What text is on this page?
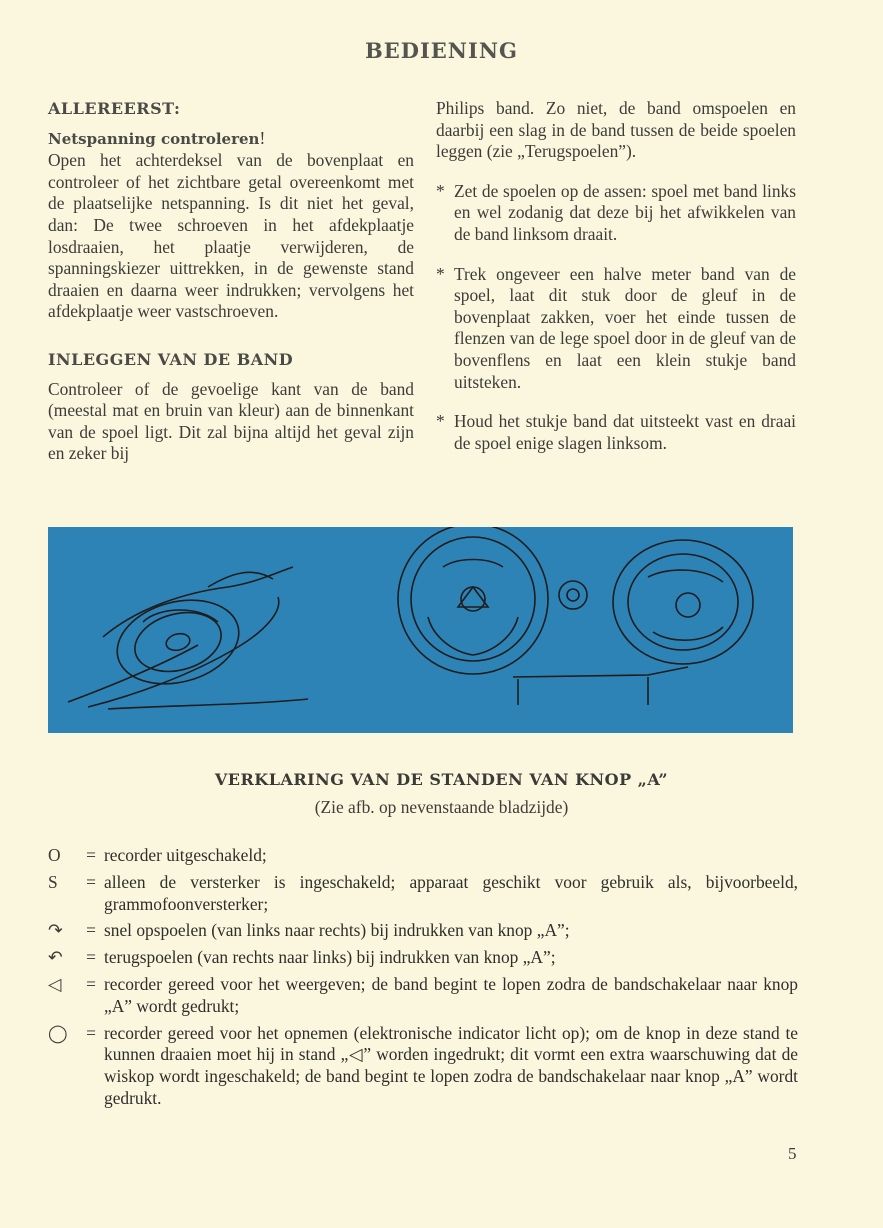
BEDIENING
ALLEREERST:
Netspanning controleren!

Open het achterdeksel van de bovenplaat en controleer of het zichtbare getal overeenkomt met de plaatselijke netspanning. Is dit niet het geval, dan: De twee schroeven in het afdekplaatje losdraaien, het plaatje verwijderen, de spanningskiezer uittrekken, in de gewenste stand draaien en daarna weer indrukken; vervolgens het afdekplaatje weer vastschroeven.

INLEGGEN VAN DE BAND

Controleer of de gevoelige kant van de band (meestal mat en bruin van kleur) aan de binnenkant van de spoel ligt. Dit zal bijna altijd het geval zijn en zeker bij

Philips band. Zo niet, de band omspoelen en daarbij een slag in de band tussen de beide spoelen leggen (zie „Terugspoelen”).

* Zet de spoelen op de assen: spoel met band links en wel zodanig dat deze bij het afwikkelen van de band linksom draait.
* Trek ongeveer een halve meter band van de spoel, laat dit stuk door de gleuf in de bovenplaat zakken, voer het einde tussen de flenzen van de lege spoel door in de gleuf van de bovenflens en laat een klein stukje band uitsteken.
* Houd het stukje band dat uitsteekt vast en draai de spoel enige slagen linksom.
VERKLARING VAN DE STANDEN VAN KNOP „A”
(Zie afb. op nevenstaande bladzijde)
O	= recorder uitgeschakeld;
S	= alleen de versterker is ingeschakeld; apparaat geschikt voor gebruik als, bijvoorbeeld, grammofoonversterker;
↷	= snel opspoelen (van links naar rechts) bij indrukken van knop „A”;
↶	= terugspoelen (van rechts naar links) bij indrukken van knop „A”;
◁	= recorder gereed voor het weergeven; de band begint te lopen zodra de bandschakelaar naar knop „A” wordt gedrukt;
◯	= recorder gereed voor het opnemen (elektronische indicator licht op); om de knop in deze stand te kunnen draaien moet hij in stand „◁” worden ingedrukt; dit vormt een extra waarschuwing dat de wiskop wordt ingeschakeld; de band begint te lopen zodra de bandschakelaar naar knop „A” wordt gedrukt.
5
